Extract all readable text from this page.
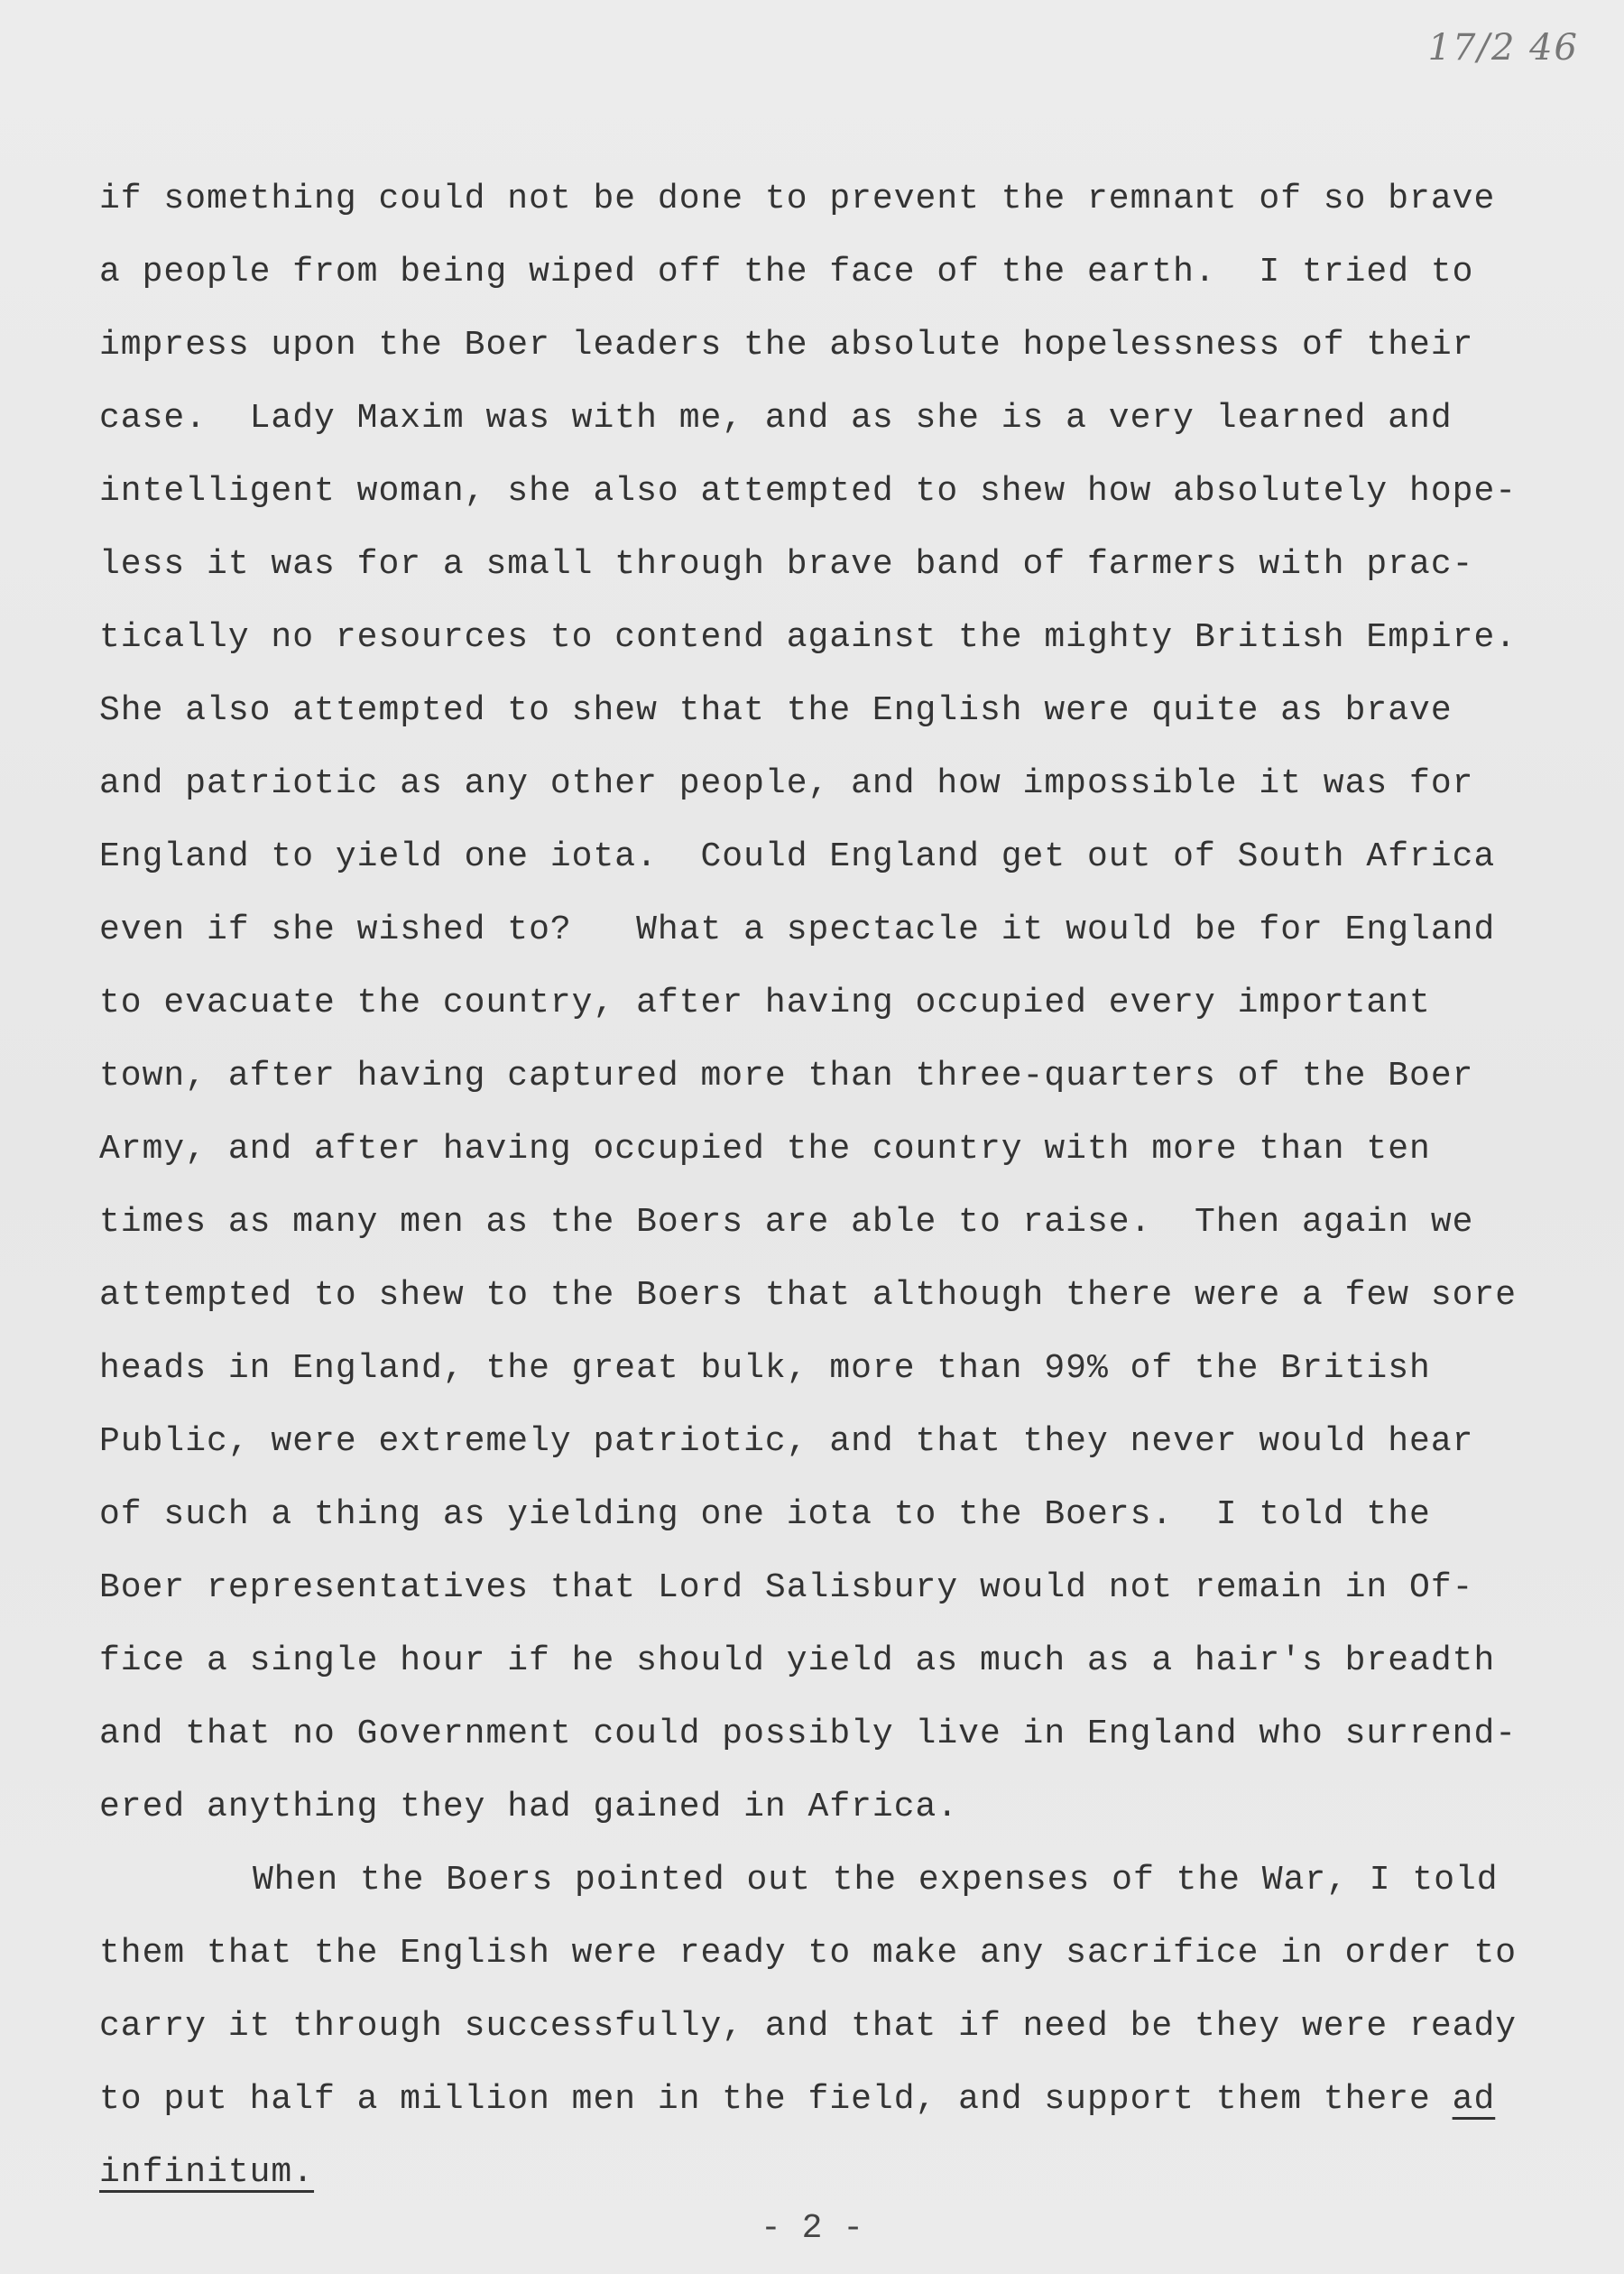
17/2 46
if something could not be done to prevent the remnant of so brave
a people from being wiped off the face of the earth.  I tried to
impress upon the Boer leaders the absolute hopelessness of their
case.  Lady Maxim was with me, and as she is a very learned and
intelligent woman, she also attempted to shew how absolutely hope-
less it was for a small through brave band of farmers with prac-
tically no resources to contend against the mighty British Empire.
She also attempted to shew that the English were quite as brave
and patriotic as any other people, and how impossible it was for
England to yield one iota.  Could England get out of South Africa
even if she wished to?   What a spectacle it would be for England
to evacuate the country, after having occupied every important
town, after having captured more than three-quarters of the Boer
Army, and after having occupied the country with more than ten
times as many men as the Boers are able to raise.  Then again we
attempted to shew to the Boers that although there were a few sore
heads in England, the great bulk, more than 99% of the British
Public, were extremely patriotic, and that they never would hear
of such a thing as yielding one iota to the Boers.  I told the
Boer representatives that Lord Salisbury would not remain in Of-
fice a single hour if he should yield as much as a hair's breadth
and that no Government could possibly live in England who surrend-
ered anything they had gained in Africa.
When the Boers pointed out the expenses of the War, I told
them that the English were ready to make any sacrifice in order to
carry it through successfully, and that if need be they were ready
to put half a million men in the field, and support them there ad
infinitum.
- 2 -
